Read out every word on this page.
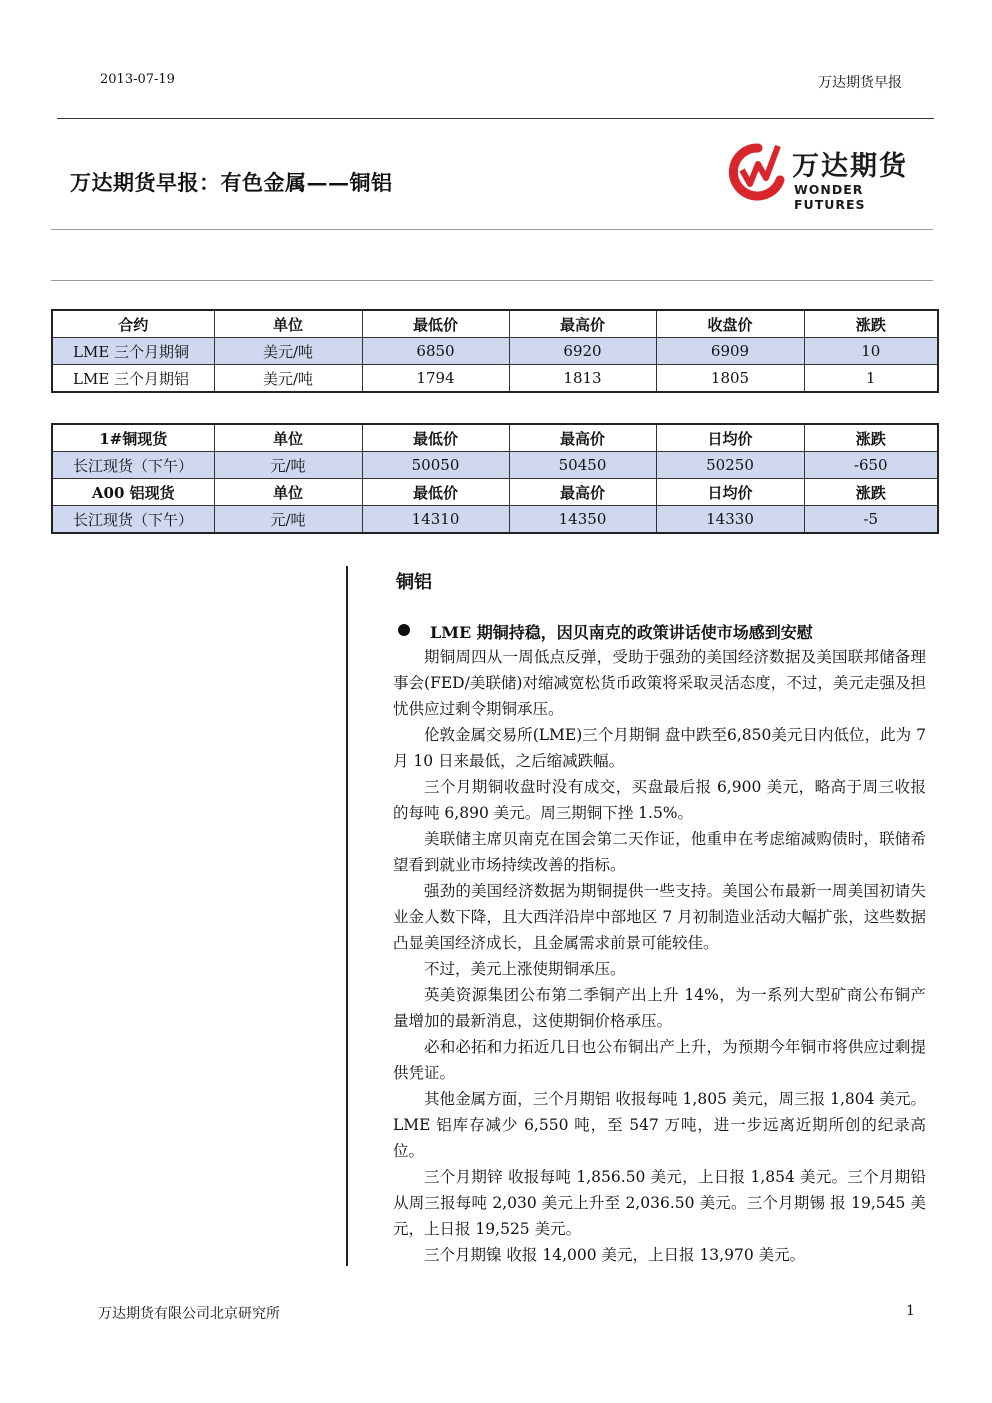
2013-07-19	万达期货早报
万达期货早报：有色金属——铜铝
万达期货
WONDER FUTURES
合约	单位	最低价	最高价	收盘价	涨跌
LME 三个月期铜	美元/吨	6850	6920	6909	10
LME 三个月期铝	美元/吨	1794	1813	1805	1
1#铜现货	单位	最低价	最高价	日均价	涨跌
长江现货（下午）	元/吨	50050	50450	50250	-650
A00 铝现货	单位	最低价	最高价	日均价	涨跌
长江现货（下午）	元/吨	14310	14350	14330	-5
铜铝
LME 期铜持稳，因贝南克的政策讲话使市场感到安慰

期铜周四从一周低点反弹，受助于强劲的美国经济数据及美国联邦储备理事会(FED/美联储)对缩减宽松货币政策将采取灵活态度，不过，美元走强及担忧供应过剩令期铜承压。

伦敦金属交易所(LME)三个月期铜 盘中跌至6,850美元日内低位，此为 7 月 10 日来最低，之后缩减跌幅。

三个月期铜收盘时没有成交，买盘最后报 6,900 美元，略高于周三收报的每吨 6,890 美元。周三期铜下挫 1.5%。

美联储主席贝南克在国会第二天作证，他重申在考虑缩减购债时，联储希望看到就业市场持续改善的指标。

强劲的美国经济数据为期铜提供一些支持。美国公布最新一周美国初请失业金人数下降，且大西洋沿岸中部地区 7 月初制造业活动大幅扩张，这些数据凸显美国经济成长，且金属需求前景可能较佳。

不过，美元上涨使期铜承压。

英美资源集团公布第二季铜产出上升 14%，为一系列大型矿商公布铜产量增加的最新消息，这使期铜价格承压。

必和必拓和力拓近几日也公布铜出产上升，为预期今年铜市将供应过剩提供凭证。

其他金属方面，三个月期铝 收报每吨 1,805 美元，周三报 1,804 美元。LME 铝库存减少 6,550 吨，至 547 万吨，进一步远离近期所创的纪录高位。

三个月期锌 收报每吨 1,856.50 美元，上日报 1,854 美元。三个月期铅 从周三报每吨 2,030 美元上升至 2,036.50 美元。三个月期锡 报 19,545 美元，上日报 19,525 美元。

三个月期镍 收报 14,000 美元，上日报 13,970 美元。

万达期货有限公司北京研究所	1
